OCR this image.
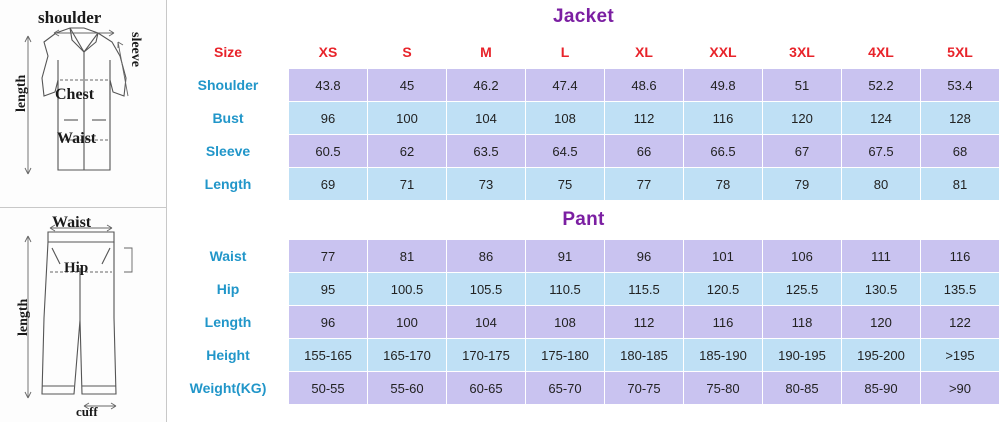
shoulder
sleeve
length Chest
Waist
Waist
Hip
length
cuff
Jacket
Size	XS	S	M	L	XL	XXL	3XL	4XL	5XL
Shoulder	43.8	45	46.2	47.4	48.6	49.8	51	52.2	53.4
Bust	96	100	104	108	112	116	120	124	128
Sleeve	60.5	62	63.5	64.5	66	66.5	67	67.5	68
Length	69	71	73	75	77	78	79	80	81
Pant
Waist	77	81	86	91	96	101	106	111	116
Hip	95	100.5	105.5	110.5	115.5	120.5	125.5	130.5	135.5
Length	96	100	104	108	112	116	118	120	122
Height	155-165	165-170	170-175	175-180	180-185	185-190	190-195	195-200	>195
Weight(KG)	50-55	55-60	60-65	65-70	70-75	75-80	80-85	85-90	>90
